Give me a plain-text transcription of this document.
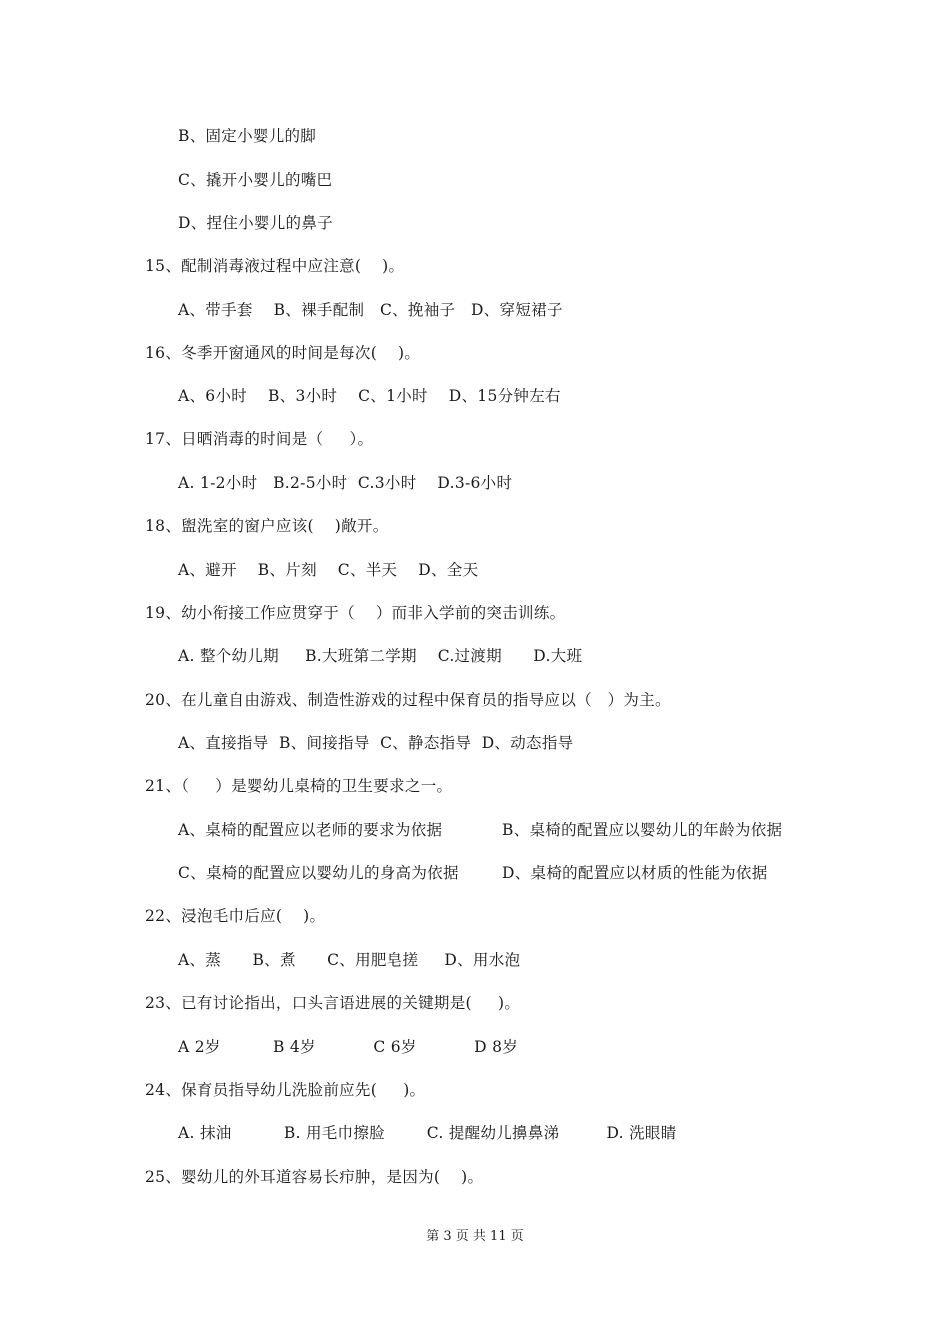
B、固定小婴儿的脚
C、撬开小婴儿的嘴巴
D、捏住小婴儿的鼻子
15、配制消毒液过程中应注意(    )。
A、带手套    B、裸手配制   C、挽袖子   D、穿短裙子
16、冬季开窗通风的时间是每次(    )。
A、6小时    B、3小时    C、1小时    D、15分钟左右
17、日晒消毒的时间是（     ）。
A. 1-2小时   B.2-5小时  C.3小时    D.3-6小时
18、盥洗室的窗户应该(    )敞开。
A、避开    B、片刻    C、半天    D、全天
19、幼小衔接工作应贯穿于（    ）而非入学前的突击训练。
A. 整个幼儿期     B.大班第二学期    C.过渡期      D.大班
20、在儿童自由游戏、制造性游戏的过程中保育员的指导应以（   ）为主。
A、直接指导  B、间接指导  C、静态指导  D、动态指导
21、（     ）是婴幼儿桌椅的卫生要求之一。
A、桌椅的配置应以老师的要求为依据	B、桌椅的配置应以婴幼儿的年龄为依据
C、桌椅的配置应以婴幼儿的身高为依据	D、桌椅的配置应以材质的性能为依据
22、浸泡毛巾后应(    )。
A、蒸      B、煮      C、用肥皂搓     D、用水泡
23、已有讨论指出，口头言语进展的关键期是(     )。
A 2岁          B 4岁           C 6岁           D 8岁
24、保育员指导幼儿洗脸前应先(     )。
A. 抹油          B. 用毛巾擦脸        C. 提醒幼儿擤鼻涕         D. 洗眼睛
25、婴幼儿的外耳道容易长疖肿，是因为(    )。
第 3 页 共 11 页
